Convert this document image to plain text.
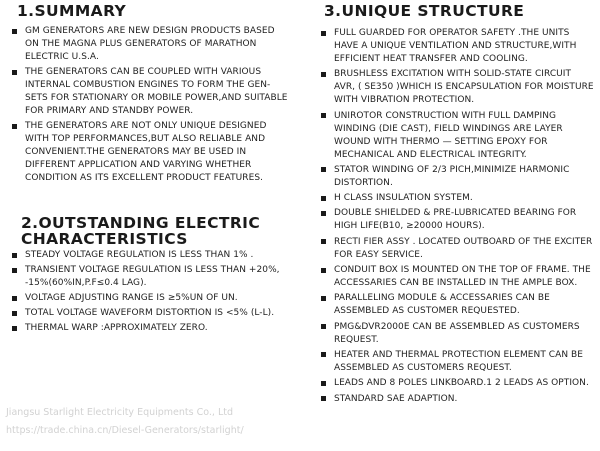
1.SUMMARY
GM GENERATORS ARE NEW DESIGN PRODUCTS BASED ON THE MAGNA PLUS GENERATORS OF MARATHON ELECTRIC U.S.A.
THE GENERATORS CAN BE COUPLED WITH VARIOUS INTERNAL COMBUSTION ENGINES TO FORM THE GEN-SETS FOR STATIONARY OR MOBILE POWER,AND SUITABLE FOR PRIMARY AND STANDBY POWER.
THE GENERATORS ARE NOT ONLY UNIQUE DESIGNED WITH TOP PERFORMANCES,BUT ALSO RELIABLE AND CONVENIENT.THE GENERATORS MAY BE USED IN DIFFERENT APPLICATION AND VARYING WHETHER CONDITION AS ITS EXCELLENT PRODUCT FEATURES.
2.OUTSTANDING ELECTRIC
CHARACTERISTICS
STEADY VOLTAGE REGULATION IS LESS THAN 1% .
TRANSIENT VOLTAGE REGULATION IS LESS THAN +20%, -15%(60%IN,P.F≤0.4 LAG).
VOLTAGE ADJUSTING RANGE IS ≥5%UN OF UN.
TOTAL VOLTAGE WAVEFORM DISTORTION IS <5% (L-L).
THERMAL WARP :APPROXIMATELY ZERO.
3.UNIQUE STRUCTURE
FULL GUARDED FOR OPERATOR SAFETY .THE UNITS HAVE A UNIQUE VENTILATION AND STRUCTURE,WITH EFFICIENT HEAT TRANSFER AND COOLING.
BRUSHLESS EXCITATION WITH SOLID-STATE CIRCUIT AVR, ( SE350 )WHICH IS ENCAPSULATION FOR MOISTURE WITH VIBRATION PROTECTION.
UNIROTOR CONSTRUCTION WITH FULL DAMPING WINDING (DIE CAST), FIELD WINDINGS ARE LAYER WOUND WITH THERMO — SETTING EPOXY FOR MECHANICAL AND ELECTRICAL INTEGRITY.
STATOR WINDING OF 2/3 PICH,MINIMIZE HARMONIC DISTORTION.
H CLASS INSULATION SYSTEM.
DOUBLE SHIELDED & PRE-LUBRICATED BEARING FOR HIGH LIFE(B10, ≥20000 HOURS).
RECTI FIER ASSY . LOCATED OUTBOARD OF THE EXCITER FOR EASY SERVICE.
CONDUIT BOX IS MOUNTED ON THE TOP OF FRAME. THE ACCESSARIES CAN BE INSTALLED IN THE AMPLE BOX.
PARALLELING MODULE & ACCESSARIES CAN BE ASSEMBLED AS CUSTOMER REQUESTED.
PMG&DVR2000E CAN BE ASSEMBLED AS CUSTOMERS REQUEST.
HEATER AND THERMAL PROTECTION ELEMENT CAN BE ASSEMBLED AS CUSTOMERS REQUEST.
LEADS AND 8 POLES LINKBOARD.1 2 LEADS AS OPTION.
STANDARD SAE ADAPTION.
Jiangsu Starlight Electricity Equipments Co., Ltd
https://trade.china.cn/Diesel-Generators/starlight/
